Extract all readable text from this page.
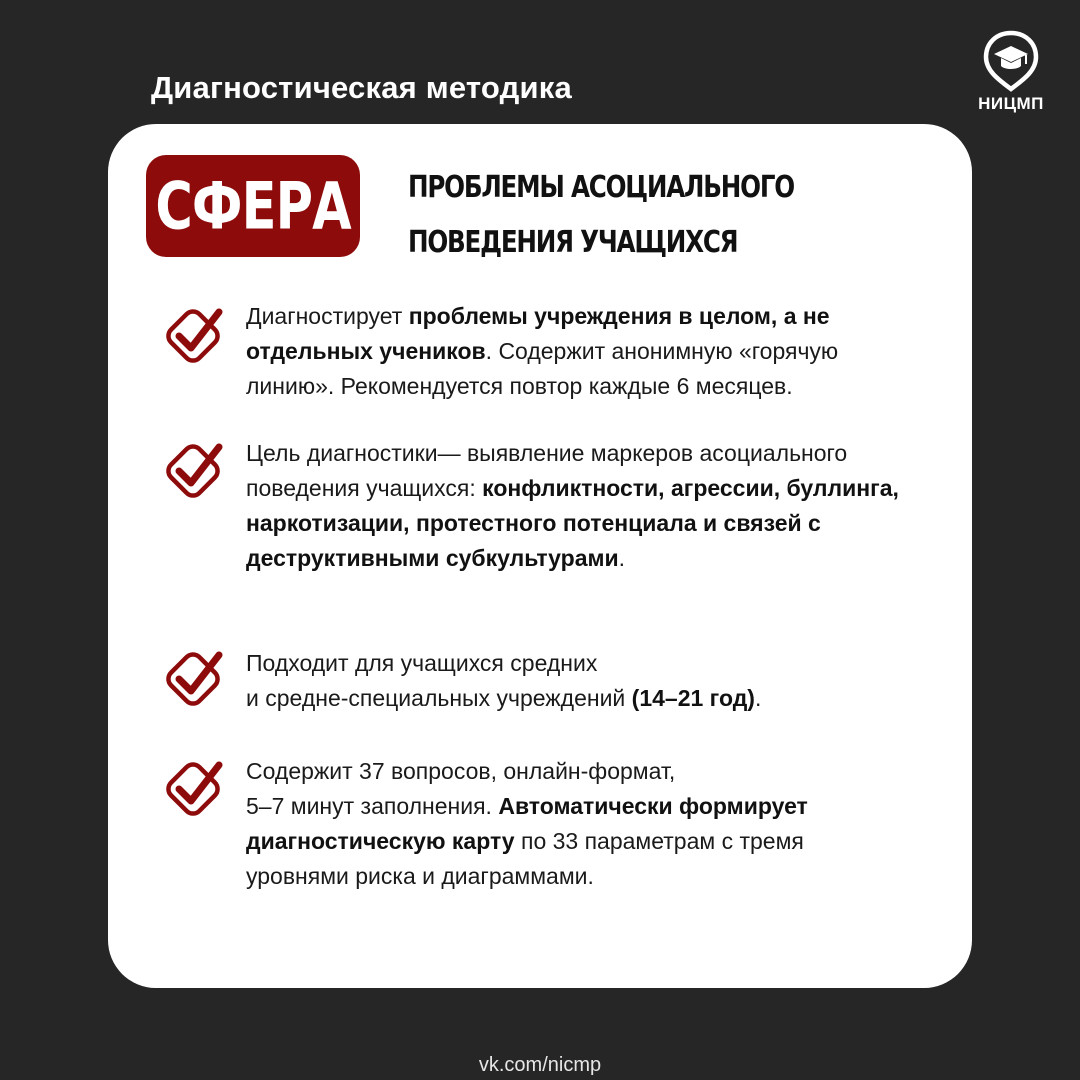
Диагностическая методика	НИЦМП
СФЕРА ПРОБЛЕМЫ АСОЦИАЛЬНОГО
ПОВЕДЕНИЯ УЧАЩИХСЯ
Диагностирует проблемы учреждения в целом, а не отдельных учеников. Содержит анонимную «горячую линию». Рекомендуется повтор каждые 6 месяцев.
Цель диагностики— выявление маркеров асоциального поведения учащихся: конфликтности, агрессии, буллинга, наркотизации, протестного потенциала и связей с деструктивными субкультурами.
Подходит для учащихся средних
и средне-специальных учреждений (14–21 год).
Содержит 37 вопросов, онлайн-формат,
5–7 минут заполнения. Автоматически формирует диагностическую карту по 33 параметрам с тремя уровнями риска и диаграммами.
vk.com/nicmp
